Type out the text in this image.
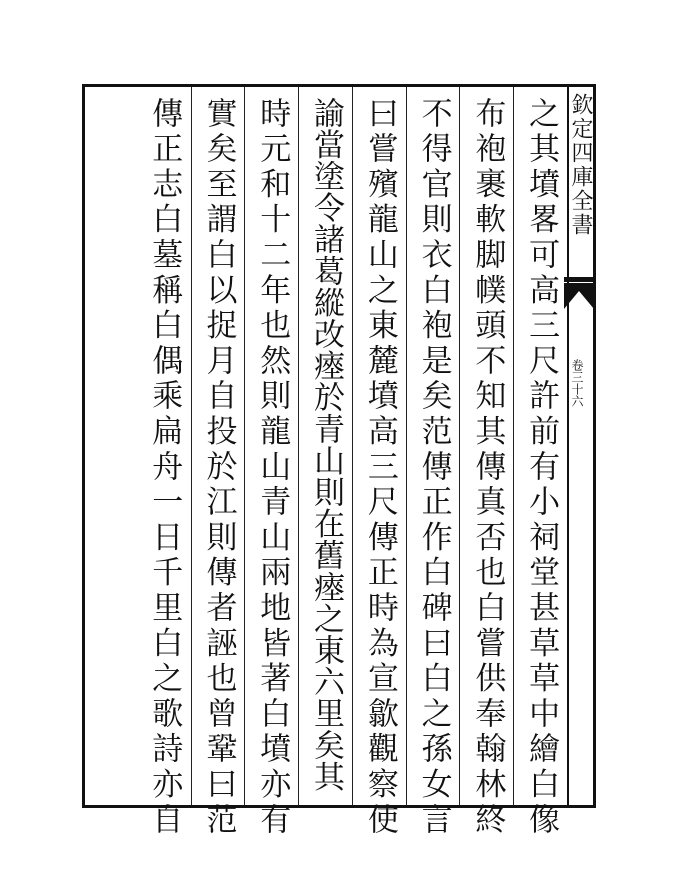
之其墳畧可高三尺許前有小祠堂甚草草中繪白像
布袍裹軟脚幞頭不知其傳真否也白嘗供奉翰林終
不得官則衣白袍是矣范傳正作白碑曰白之孫女言
曰嘗殯龍山之東麓墳高三尺傳正時為宣歙觀察使
諭當塗令諸葛縱改瘞於青山則在舊瘞之東六里矣其
時元和十二年也然則龍山青山兩地皆著白墳亦有
實矣至謂白以捉月自投於江則傳者誣也曾鞏曰范
傳正志白墓稱白偶乘扁舟一日千里白之歌詩亦自	欽定四庫全書
卷三十六
